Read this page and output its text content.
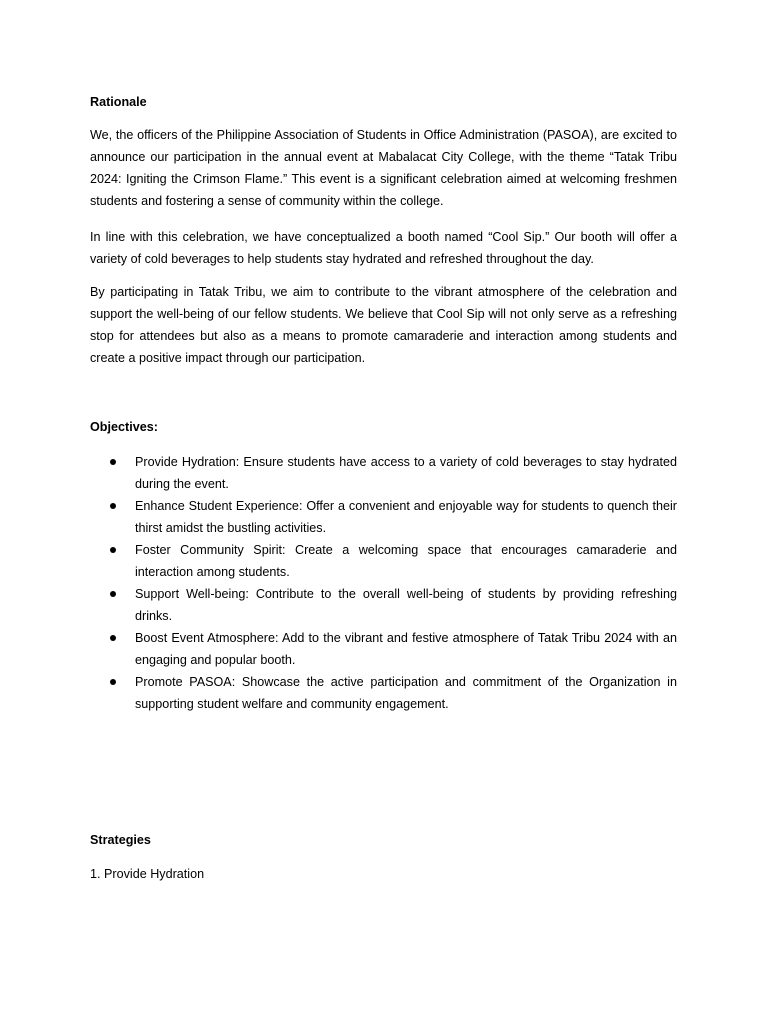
Rationale

We, the officers of the Philippine Association of Students in Office Administration (PASOA), are excited to announce our participation in the annual event at Mabalacat City College, with the theme “Tatak Tribu 2024: Igniting the Crimson Flame.” This event is a significant celebration aimed at welcoming freshmen students and fostering a sense of community within the college.

In line with this celebration, we have conceptualized a booth named “Cool Sip.” Our booth will offer a variety of cold beverages to help students stay hydrated and refreshed throughout the day.

By participating in Tatak Tribu, we aim to contribute to the vibrant atmosphere of the celebration and support the well-being of our fellow students. We believe that Cool Sip will not only serve as a refreshing stop for attendees but also as a means to promote camaraderie and interaction among students and create a positive impact through our participation.

Objectives:
Provide Hydration: Ensure students have access to a variety of cold beverages to stay hydrated during the event.
Enhance Student Experience: Offer a convenient and enjoyable way for students to quench their thirst amidst the bustling activities.
Foster Community Spirit: Create a welcoming space that encourages camaraderie and interaction among students.
Support Well-being: Contribute to the overall well-being of students by providing refreshing drinks.
Boost Event Atmosphere: Add to the vibrant and festive atmosphere of Tatak Tribu 2024 with an engaging and popular booth.
Promote PASOA: Showcase the active participation and commitment of the Organization in supporting student welfare and community engagement.
Strategies
1. Provide Hydration
